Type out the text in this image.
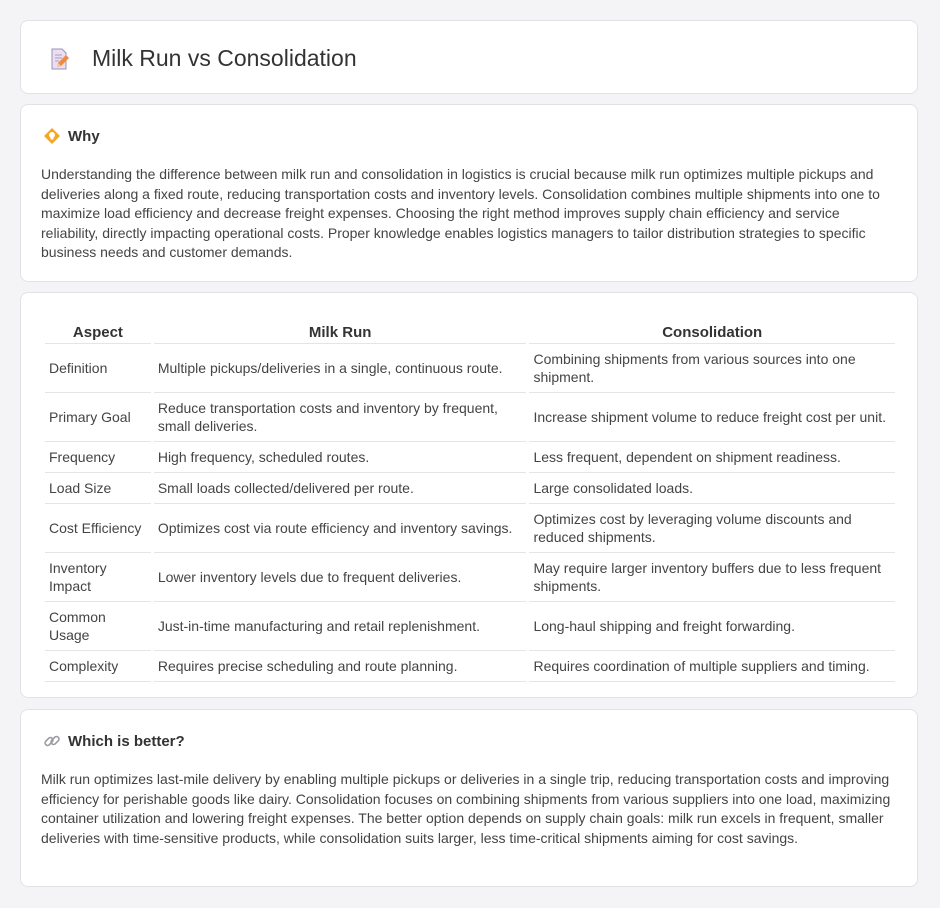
Milk Run vs Consolidation
Why

Understanding the difference between milk run and consolidation in logistics is crucial because milk run optimizes multiple pickups and deliveries along a fixed route, reducing transportation costs and inventory levels. Consolidation combines multiple shipments into one to maximize load efficiency and decrease freight expenses. Choosing the right method improves supply chain efficiency and service reliability, directly impacting operational costs. Proper knowledge enables logistics managers to tailor distribution strategies to specific business needs and customer demands.

Aspect	Milk Run	Consolidation
Definition	Multiple pickups/deliveries in a single, continuous route.	Combining shipments from various sources into one shipment.
Primary Goal	Reduce transportation costs and inventory by frequent, small deliveries.	Increase shipment volume to reduce freight cost per unit.
Frequency	High frequency, scheduled routes.	Less frequent, dependent on shipment readiness.
Load Size	Small loads collected/delivered per route.	Large consolidated loads.
Cost Efficiency	Optimizes cost via route efficiency and inventory savings.	Optimizes cost by leveraging volume discounts and reduced shipments.
Inventory Impact	Lower inventory levels due to frequent deliveries.	May require larger inventory buffers due to less frequent shipments.
Common Usage	Just-in-time manufacturing and retail replenishment.	Long-haul shipping and freight forwarding.
Complexity	Requires precise scheduling and route planning.	Requires coordination of multiple suppliers and timing.
Which is better?

Milk run optimizes last-mile delivery by enabling multiple pickups or deliveries in a single trip, reducing transportation costs and improving efficiency for perishable goods like dairy. Consolidation focuses on combining shipments from various suppliers into one load, maximizing container utilization and lowering freight expenses. The better option depends on supply chain goals: milk run excels in frequent, smaller deliveries with time-sensitive products, while consolidation suits larger, less time-critical shipments aiming for cost savings.
